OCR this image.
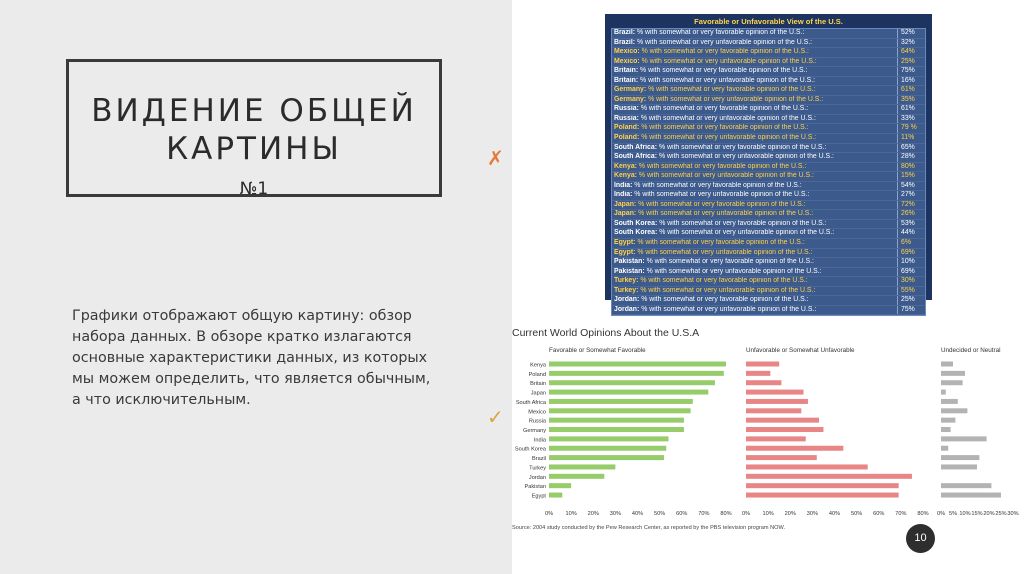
ВИДЕНИЕ ОБЩЕЙ
КАРТИНЫ
№1

Графики отображают общую картину: обзор набора данных. В обзоре кратко излагаются основные характеристики данных, из которых мы можем определить, что является обычным, а что исключительным.

✗
✓
Favorable or Unfavorable View of the U.S.
Brazil: % with somewhat or very favorable opinion of the U.S.:	52%
Brazil: % with somewhat or very unfavorable opinion of the U.S.:	32%
Mexico: % with somewhat or very favorable opinion of the U.S.:	64%
Mexico: % with somewhat or very unfavorable opinion of the U.S.:	25%
Britain: % with somewhat or very favorable opinion of the U.S.:	75%
Britain: % with somewhat or very unfavorable opinion of the U.S.:	16%
Germany: % with somewhat or very favorable opinion of the U.S.:	61%
Germany: % with somewhat or very unfavorable opinion of the U.S.:	35%
Russia: % with somewhat or very favorable opinion of the U.S.:	61%
Russia: % with somewhat or very unfavorable opinion of the U.S.:	33%
Poland: % with somewhat or very favorable opinion of the U.S.:	79 %
Poland: % with somewhat or very unfavorable opinion of the U.S.:	11%
South Africa: % with somewhat or very favorable opinion of the U.S.:	65%
South Africa: % with somewhat or very unfavorable opinion of the U.S.:	28%
Kenya: % with somewhat or very favorable opinion of the U.S.:	80%
Kenya: % with somewhat or very unfavorable opinion of the U.S.:	15%
India: % with somewhat or very favorable opinion of the U.S.:	54%
India: % with somewhat or very unfavorable opinion of the U.S.:	27%
Japan: % with somewhat or very favorable opinion of the U.S.:	72%
Japan: % with somewhat or very unfavorable opinion of the U.S.:	26%
South Korea: % with somewhat or very favorable opinion of the U.S.:	53%
South Korea: % with somewhat or very unfavorable opinion of the U.S.:	44%
Egypt: % with somewhat or very favorable opinion of the U.S.:	6%
Egypt: % with somewhat or very unfavorable opinion of the U.S.:	69%
Pakistan: % with somewhat or very favorable opinion of the U.S.:	10%
Pakistan: % with somewhat or very unfavorable opinion of the U.S.:	69%
Turkey: % with somewhat or very favorable opinion of the U.S.:	30%
Turkey: % with somewhat or very unfavorable opinion of the U.S.:	55%
Jordan: % with somewhat or very favorable opinion of the U.S.:	25%
Jordan: % with somewhat or very unfavorable opinion of the U.S.:	75%
Current World Opinions About the U.S.A
Source: 2004 study conducted by the Pew Research Center, as reported by the PBS television program NOW.
Kenya
Poland
Britain
Japan
South Africa
Mexico
Russia
Germany
India
South Korea
Brazil
Turkey
Jordan
Pakistan
Egypt
Favorable or Somewhat Favorable
0% 10% 20% 30% 40% 50% 60% 70% 80%
Unfavorable or Somewhat Unfavorable
0% 10% 20% 30% 40% 50% 60% 70% 80%
Undecided or Neutral
0% 5% 10% 15% 20% 25% 30%
10
